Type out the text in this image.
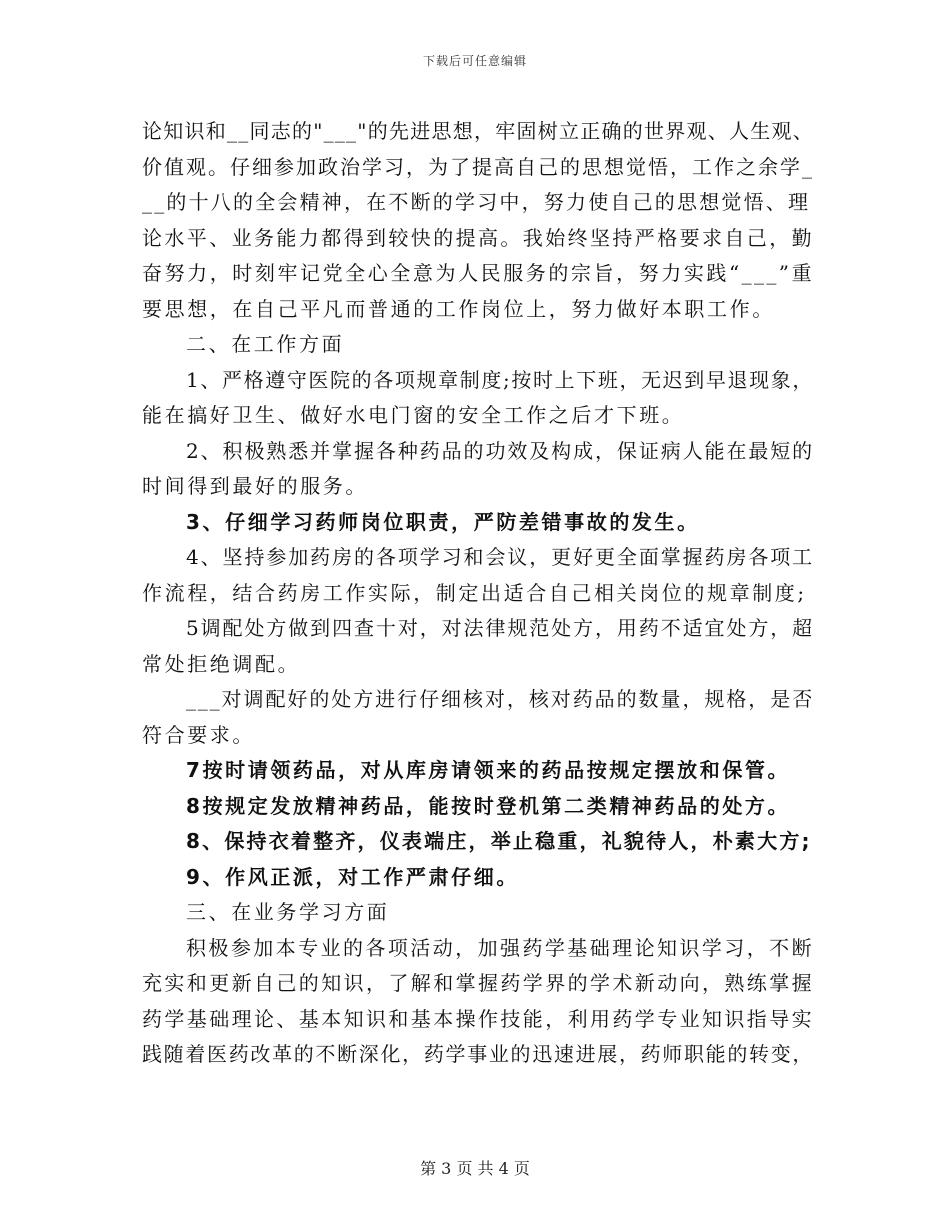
下载后可任意编辑
论知识和__同志的"___"的先进思想，牢固树立正确的世界观、人生观、
价值观。仔细参加政治学习，为了提高自己的思想觉悟，工作之余学_
__的十八的全会精神，在不断的学习中，努力使自己的思想觉悟、理
论水平、业务能力都得到较快的提高。我始终坚持严格要求自己，勤
奋努力，时刻牢记党全心全意为人民服务的宗旨，努力实践“___”重
要思想，在自己平凡而普通的工作岗位上，努力做好本职工作。
二、在工作方面
1、严格遵守医院的各项规章制度;按时上下班，无迟到早退现象，
能在搞好卫生、做好水电门窗的安全工作之后才下班。
2、积极熟悉并掌握各种药品的功效及构成，保证病人能在最短的
时间得到最好的服务。
3、仔细学习药师岗位职责，严防差错事故的发生。
4、坚持参加药房的各项学习和会议，更好更全面掌握药房各项工
作流程，结合药房工作实际，制定出适合自己相关岗位的规章制度;
5调配处方做到四查十对，对法律规范处方，用药不适宜处方，超
常处拒绝调配。
___对调配好的处方进行仔细核对，核对药品的数量，规格，是否
符合要求。
7按时请领药品，对从库房请领来的药品按规定摆放和保管。
8按规定发放精神药品，能按时登机第二类精神药品的处方。
8、保持衣着整齐，仪表端庄，举止稳重，礼貌待人，朴素大方;
9、作风正派，对工作严肃仔细。
三、在业务学习方面
积极参加本专业的各项活动，加强药学基础理论知识学习，不断
充实和更新自己的知识，了解和掌握药学界的学术新动向，熟练掌握
药学基础理论、基本知识和基本操作技能，利用药学专业知识指导实
践随着医药改革的不断深化，药学事业的迅速进展，药师职能的转变，
第 3 页 共 4 页
